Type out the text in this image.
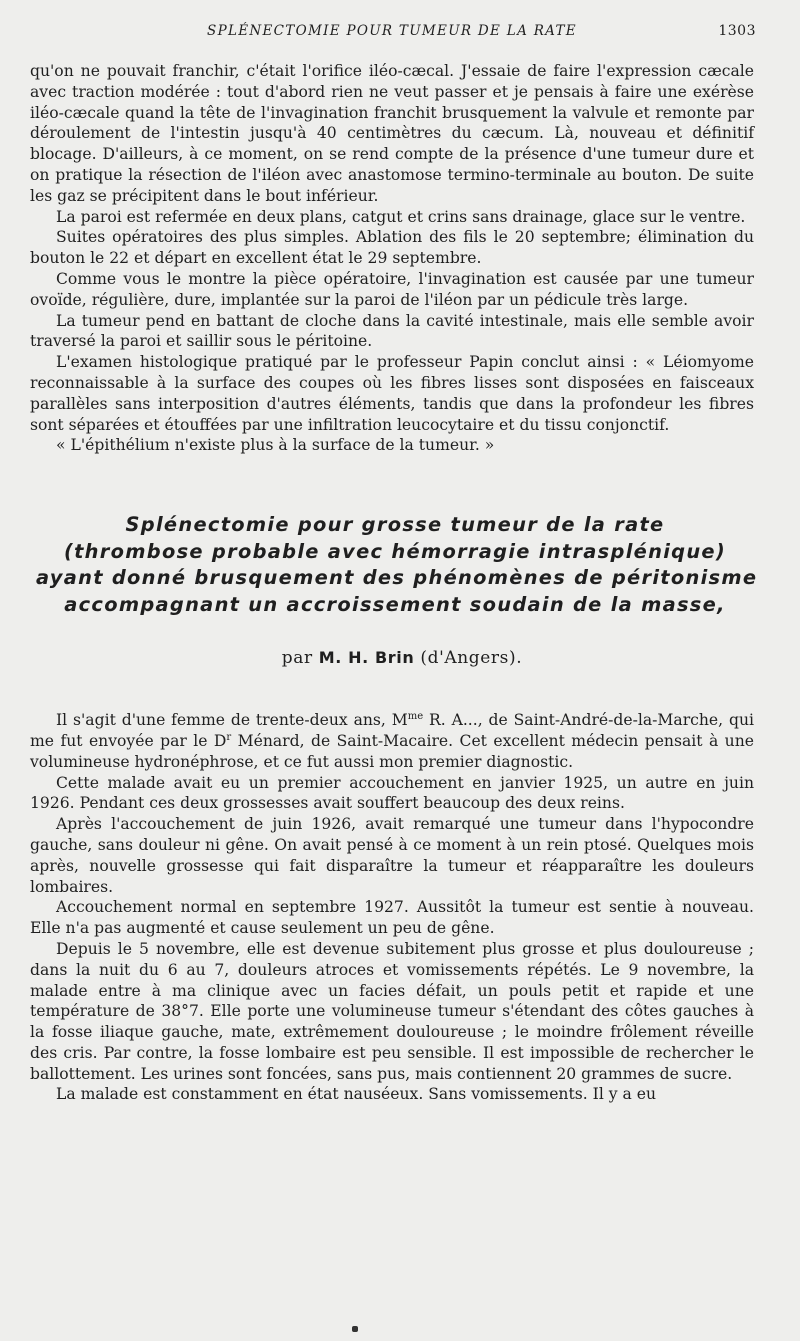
SPLÉNECTOMIE POUR TUMEUR DE LA RATE	1303

qu'on ne pouvait franchir, c'était l'orifice iléo-cæcal. J'essaie de faire l'expression cæcale avec traction modérée : tout d'abord rien ne veut passer et je pensais à faire une exérèse iléo-cæcale quand la tête de l'invagination franchit brusquement la valvule et remonte par déroulement de l'intestin jusqu'à 40 centimètres du cæcum. Là, nouveau et définitif blocage. D'ailleurs, à ce moment, on se rend compte de la présence d'une tumeur dure et on pratique la résection de l'iléon avec anastomose termino-terminale au bouton. De suite les gaz se précipitent dans le bout inférieur.

La paroi est refermée en deux plans, catgut et crins sans drainage, glace sur le ventre.

Suites opératoires des plus simples. Ablation des fils le 20 septembre; élimination du bouton le 22 et départ en excellent état le 29 septembre.

Comme vous le montre la pièce opératoire, l'invagination est causée par une tumeur ovoïde, régulière, dure, implantée sur la paroi de l'iléon par un pédicule très large.

La tumeur pend en battant de cloche dans la cavité intestinale, mais elle semble avoir traversé la paroi et saillir sous le péritoine.

L'examen histologique pratiqué par le professeur Papin conclut ainsi : « Léiomyome reconnaissable à la surface des coupes où les fibres lisses sont disposées en faisceaux parallèles sans interposition d'autres éléments, tandis que dans la profondeur les fibres sont séparées et étouffées par une infiltration leucocytaire et du tissu conjonctif.

« L'épithélium n'existe plus à la surface de la tumeur. »

Splénectomie pour grosse tumeur de la rate
(thrombose probable avec hémorragie intrasplénique)
ayant donné brusquement des phénomènes de péritonisme
accompagnant un accroissement soudain de la masse,
par M. H. Brin (d'Angers).

Il s'agit d'une femme de trente-deux ans, $M^{me}$ R. A..., de Saint-André-de-la-Marche, qui me fut envoyée par le $D^r$ Ménard, de Saint-Macaire. Cet excellent médecin pensait à une volumineuse hydronéphrose, et ce fut aussi mon premier diagnostic.

Cette malade avait eu un premier accouchement en janvier 1925, un autre en juin 1926. Pendant ces deux grossesses avait souffert beaucoup des deux reins.

Après l'accouchement de juin 1926, avait remarqué une tumeur dans l'hypocondre gauche, sans douleur ni gêne. On avait pensé à ce moment à un rein ptosé. Quelques mois après, nouvelle grossesse qui fait disparaître la tumeur et réapparaître les douleurs lombaires.

Accouchement normal en septembre 1927. Aussitôt la tumeur est sentie à nouveau. Elle n'a pas augmenté et cause seulement un peu de gêne.

Depuis le 5 novembre, elle est devenue subitement plus grosse et plus douloureuse ; dans la nuit du 6 au 7, douleurs atroces et vomissements répétés. Le 9 novembre, la malade entre à ma clinique avec un facies défait, un pouls petit et rapide et une température de 38°7. Elle porte une volumineuse tumeur s'étendant des côtes gauches à la fosse iliaque gauche, mate, extrêmement douloureuse ; le moindre frôlement réveille des cris. Par contre, la fosse lombaire est peu sensible. Il est impossible de rechercher le ballottement. Les urines sont foncées, sans pus, mais contiennent 20 grammes de sucre.

La malade est constamment en état nauséeux. Sans vomissements. Il y a eu
